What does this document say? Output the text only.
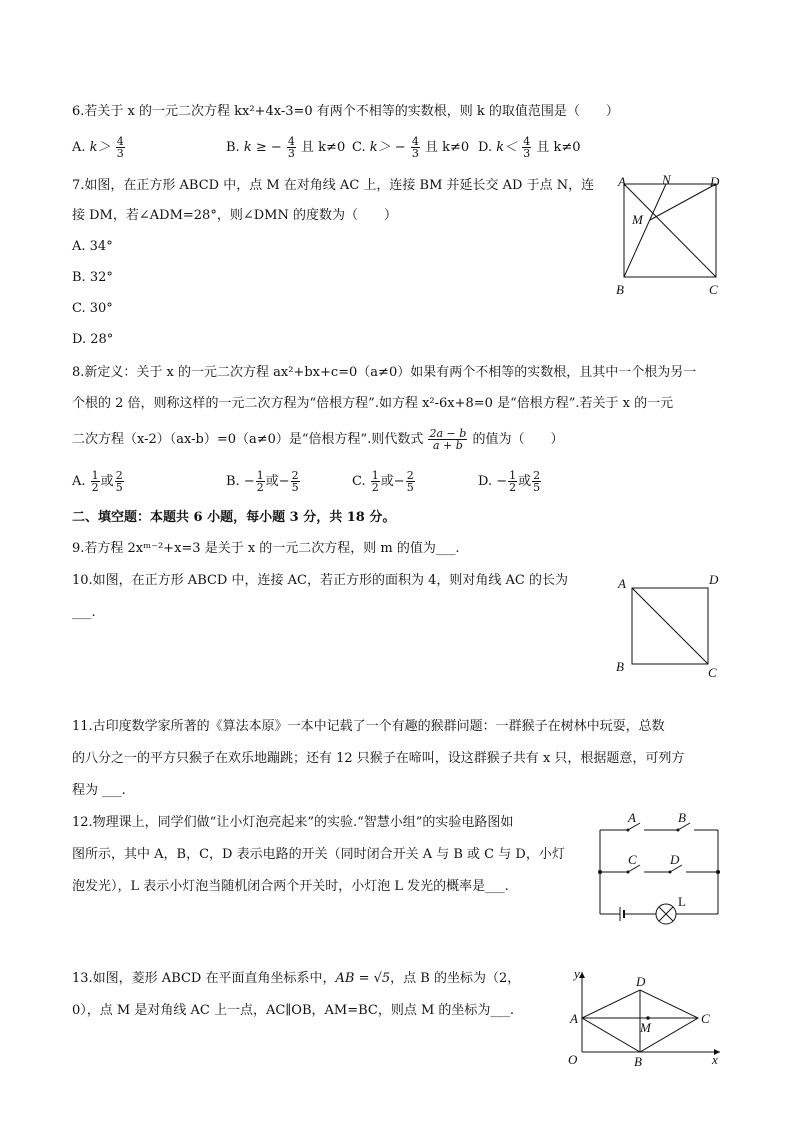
6.若关于 x 的一元二次方程 kx²+4x-3=0 有两个不相等的实数根，则 k 的取值范围是（　　）
A. $k> \frac{4}{3}$	B. k ≥ − $\frac{4}{3}$ 且 k≠0 C. $k> - \frac{4}{3}$ 且 k≠0 D. $k< \frac{4}{3}$ 且 k≠0
7.如图，在正方形 ABCD 中，点 M 在对角线 AC 上，连接 BM 并延长交 AD 于点 N，连
接 DM，若∠ADM=28°，则∠DMN 的度数为（　　）
A. 34°
B. 32°
C. 30°
D. 28°
A	N	D
M
B	C
8.新定义：关于 x 的一元二次方程 ax²+bx+c=0（a≠0）如果有两个不相等的实数根，且其中一个根为另一
个根的 2 倍，则称这样的一元二次方程为“倍根方程”.如方程 x²-6x+8=0 是“倍根方程”.若关于 x 的一元
二次方程（x-2）（ax-b）=0（a≠0）是“倍根方程”.则代数式 $\frac{2a - b}{a + b}$ 的值为（　　）
A. $\frac{1}{2}$ 或 $\frac{2}{5}$	B. − $\frac{1}{2}$ 或− $\frac{2}{5}$	C. $\frac{1}{2}$ 或− $\frac{2}{5}$	D. − $\frac{1}{2}$ 或 $\frac{2}{5}$
二、填空题：本题共 6 小题，每小题 3 分，共 18 分。
9.若方程 2xᵐ⁻²+x=3 是关于 x 的一元二次方程，则 m 的值为___.
10.如图，在正方形 ABCD 中，连接 AC，若正方形的面积为 4，则对角线 AC 的长为
___.
A	D
B	C
11.古印度数学家所著的《算法本原》一本中记载了一个有趣的猴群问题：一群猴子在树林中玩耍，总数
的八分之一的平方只猴子在欢乐地蹦跳；还有 12 只猴子在啼叫，设这群猴子共有 x 只，根据题意，可列方
程为 ___.
12.物理课上，同学们做“让小灯泡亮起来”的实验.“智慧小组”的实验电路图如
图所示，其中 A，B，C，D 表示电路的开关（同时闭合开关 A 与 B 或 C 与 D，小灯
泡发光），L 表示小灯泡当随机闭合两个开关时，小灯泡 L 发光的概率是___.
A	B
C	D
L
13.如图，菱形 ABCD 在平面直角坐标系中，AB = √5，点 B 的坐标为（2，
0），点 M 是对角线 AC 上一点，AC∥OB，AM=BC，则点 M 的坐标为___.
y
x
O
A
B
C
D
M
